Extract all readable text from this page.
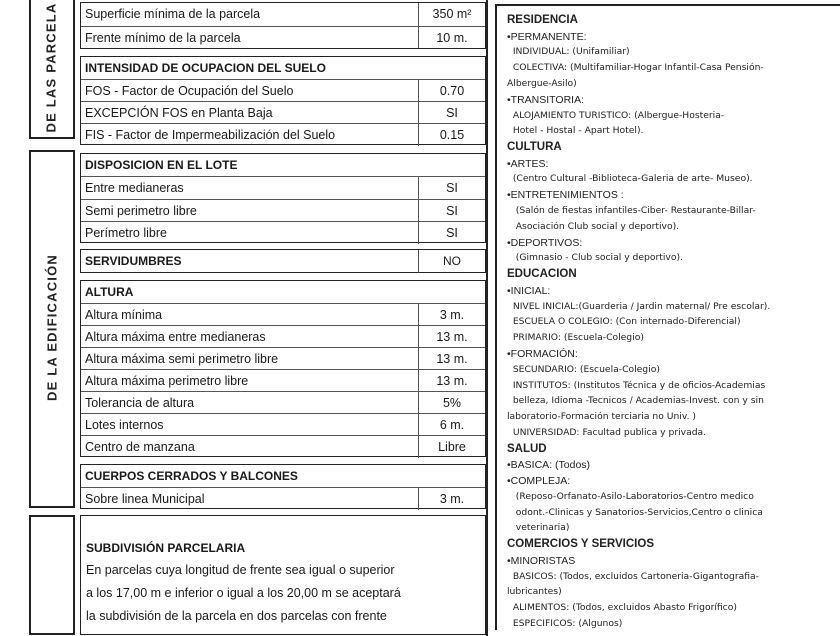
DE LAS PARCELA
DE LA EDIFICACIÓN
Superficie mínima de la parcela	350 m²
Frente mínimo de la parcela	10 m.
INTENSIDAD DE OCUPACION DEL SUELO
FOS - Factor de Ocupación del Suelo	0.70
EXCEPCIÓN FOS en Planta Baja	SI
FIS - Factor de Impermeabilización del Suelo	0.15
DISPOSICION EN EL LOTE
Entre medianeras	SI
Semi perimetro libre	SI
Perímetro libre	SI
SERVIDUMBRES	NO
ALTURA
Altura mínima	3 m.
Altura máxima entre medianeras	13 m.
Altura máxima semi perimetro libre	13 m.
Altura máxima perimetro libre	13 m.
Tolerancia de altura	5%
Lotes internos	6 m.
Centro de manzana	Libre
CUERPOS CERRADOS Y BALCONES
Sobre linea Municipal	3 m.
SUBDIVISIÓN PARCELARIA
En parcelas cuya longitud de frente sea igual o superior
a los 17,00 m e inferior o igual a los 20,00 m se aceptará
la subdivisión de la parcela en dos parcelas con frente
RESIDENCIA
•PERMANENTE:
INDIVIDUAL: (Unifamiliar)
COLECTIVA: (Multifamiliar-Hogar Infantil-Casa Pensión-
Albergue-Asilo)
•TRANSITORIA:
ALOJAMIENTO TURISTICO: (Albergue-Hosteria-
Hotel - Hostal - Apart Hotel).
CULTURA
•ARTES:
(Centro Cultural -Biblioteca-Galeria de arte- Museo).
•ENTRETENIMIENTOS :
(Salón de fiestas infantiles-Ciber- Restaurante-Billar-
Asociación Club social y deportivo).
•DEPORTIVOS:
(Gimnasio - Club social y deportivo).
EDUCACION
•INICIAL:
NIVEL INICIAL:(Guarderia / Jardin maternal/ Pre escolar).
ESCUELA O COLEGIO: (Con internado-Diferencial)
PRIMARIO: (Escuela-Colegio)
•FORMACIÓN:
SECUNDARIO: (Escuela-Colegio)
INSTITUTOS: (Institutos Técnica y de oficios-Academias
belleza, Idioma -Tecnicos / Academias-Invest. con y sin
laboratorio-Formación terciaria no Univ. )
UNIVERSIDAD: Facultad publica y privada.
SALUD
•BASICA: (Todos)
•COMPLEJA:
(Reposo-Orfanato-Asilo-Laboratorios-Centro medico
odont.-Clinicas y Sanatorios-Servicios,Centro o clinica
veterinaria)
COMERCIOS Y SERVICIOS
•MINORISTAS
BASICOS: (Todos, excluidos Cartoneria-Gigantografia-
lubricantes)
ALIMENTOS: (Todos, excluidos Abasto Frigorífico)
ESPECIFICOS: (Algunos)
